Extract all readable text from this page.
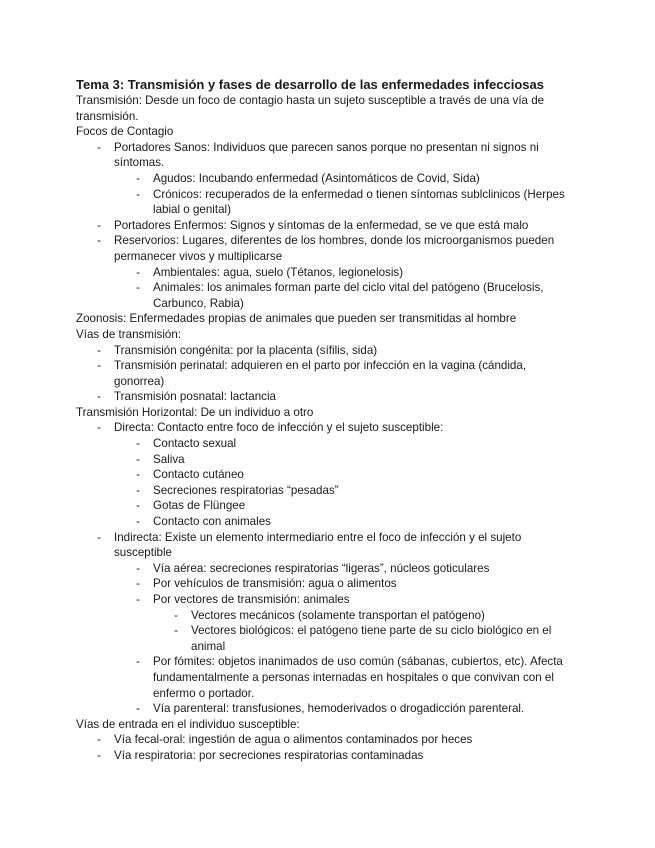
Tema 3: Transmisión y fases de desarrollo de las enfermedades infecciosas

Transmisión: Desde un foco de contagio hasta un sujeto susceptible a través de una vía de transmisión.

Focos de Contagio

- Portadores Sanos: Individuos que parecen sanos porque no presentan ni signos ni síntomas.
- Agudos: Incubando enfermedad (Asintomáticos de Covid, Sida)
- Crónicos: recuperados de la enfermedad o tienen síntomas sublclinicos (Herpes labial o genital)
- Portadores Enfermos: Signos y síntomas de la enfermedad, se ve que está malo
- Reservorios: Lugares, diferentes de los hombres, donde los microorganismos pueden permanecer vivos y multiplicarse
- Ambientales: agua, suelo (Tétanos, legionelosis)
- Animales: los animales forman parte del ciclo vital del patógeno (Brucelosis, Carbunco, Rabia)

Zoonosis: Enfermedades propias de animales que pueden ser transmitidas al hombre

Vías de transmisión:

- Transmisión congénita: por la placenta (sífilis, sida)
- Transmisión perinatal: adquieren en el parto por infección en la vagina (cándida, gonorrea)
- Transmisión posnatal: lactancia

Transmisión Horizontal: De un individuo a otro

- Directa: Contacto entre foco de infección y el sujeto susceptible:
- Contacto sexual
- Saliva
- Contacto cutáneo
- Secreciones respiratorias “pesadas”
- Gotas de Flüngee
- Contacto con animales
- Indirecta: Existe un elemento intermediario entre el foco de infección y el sujeto susceptible
- Vía aérea: secreciones respiratorias “ligeras”, núcleos goticulares
- Por vehículos de transmisión: agua o alimentos
- Por vectores de transmisión: animales
- Vectores mecánicos (solamente transportan el patógeno)
- Vectores biológicos: el patógeno tiene parte de su ciclo biológico en el animal
- Por fómites: objetos inanimados de uso común (sábanas, cubiertos, etc). Afecta fundamentalmente a personas internadas en hospitales o que convivan con el enfermo o portador.
- Vía parenteral: transfusiones, hemoderivados o drogadicción parenteral.

Vías de entrada en el individuo susceptible:

- Vía fecal-oral: ingestión de agua o alimentos contaminados por heces
- Vía respiratoria: por secreciones respiratorias contaminadas
